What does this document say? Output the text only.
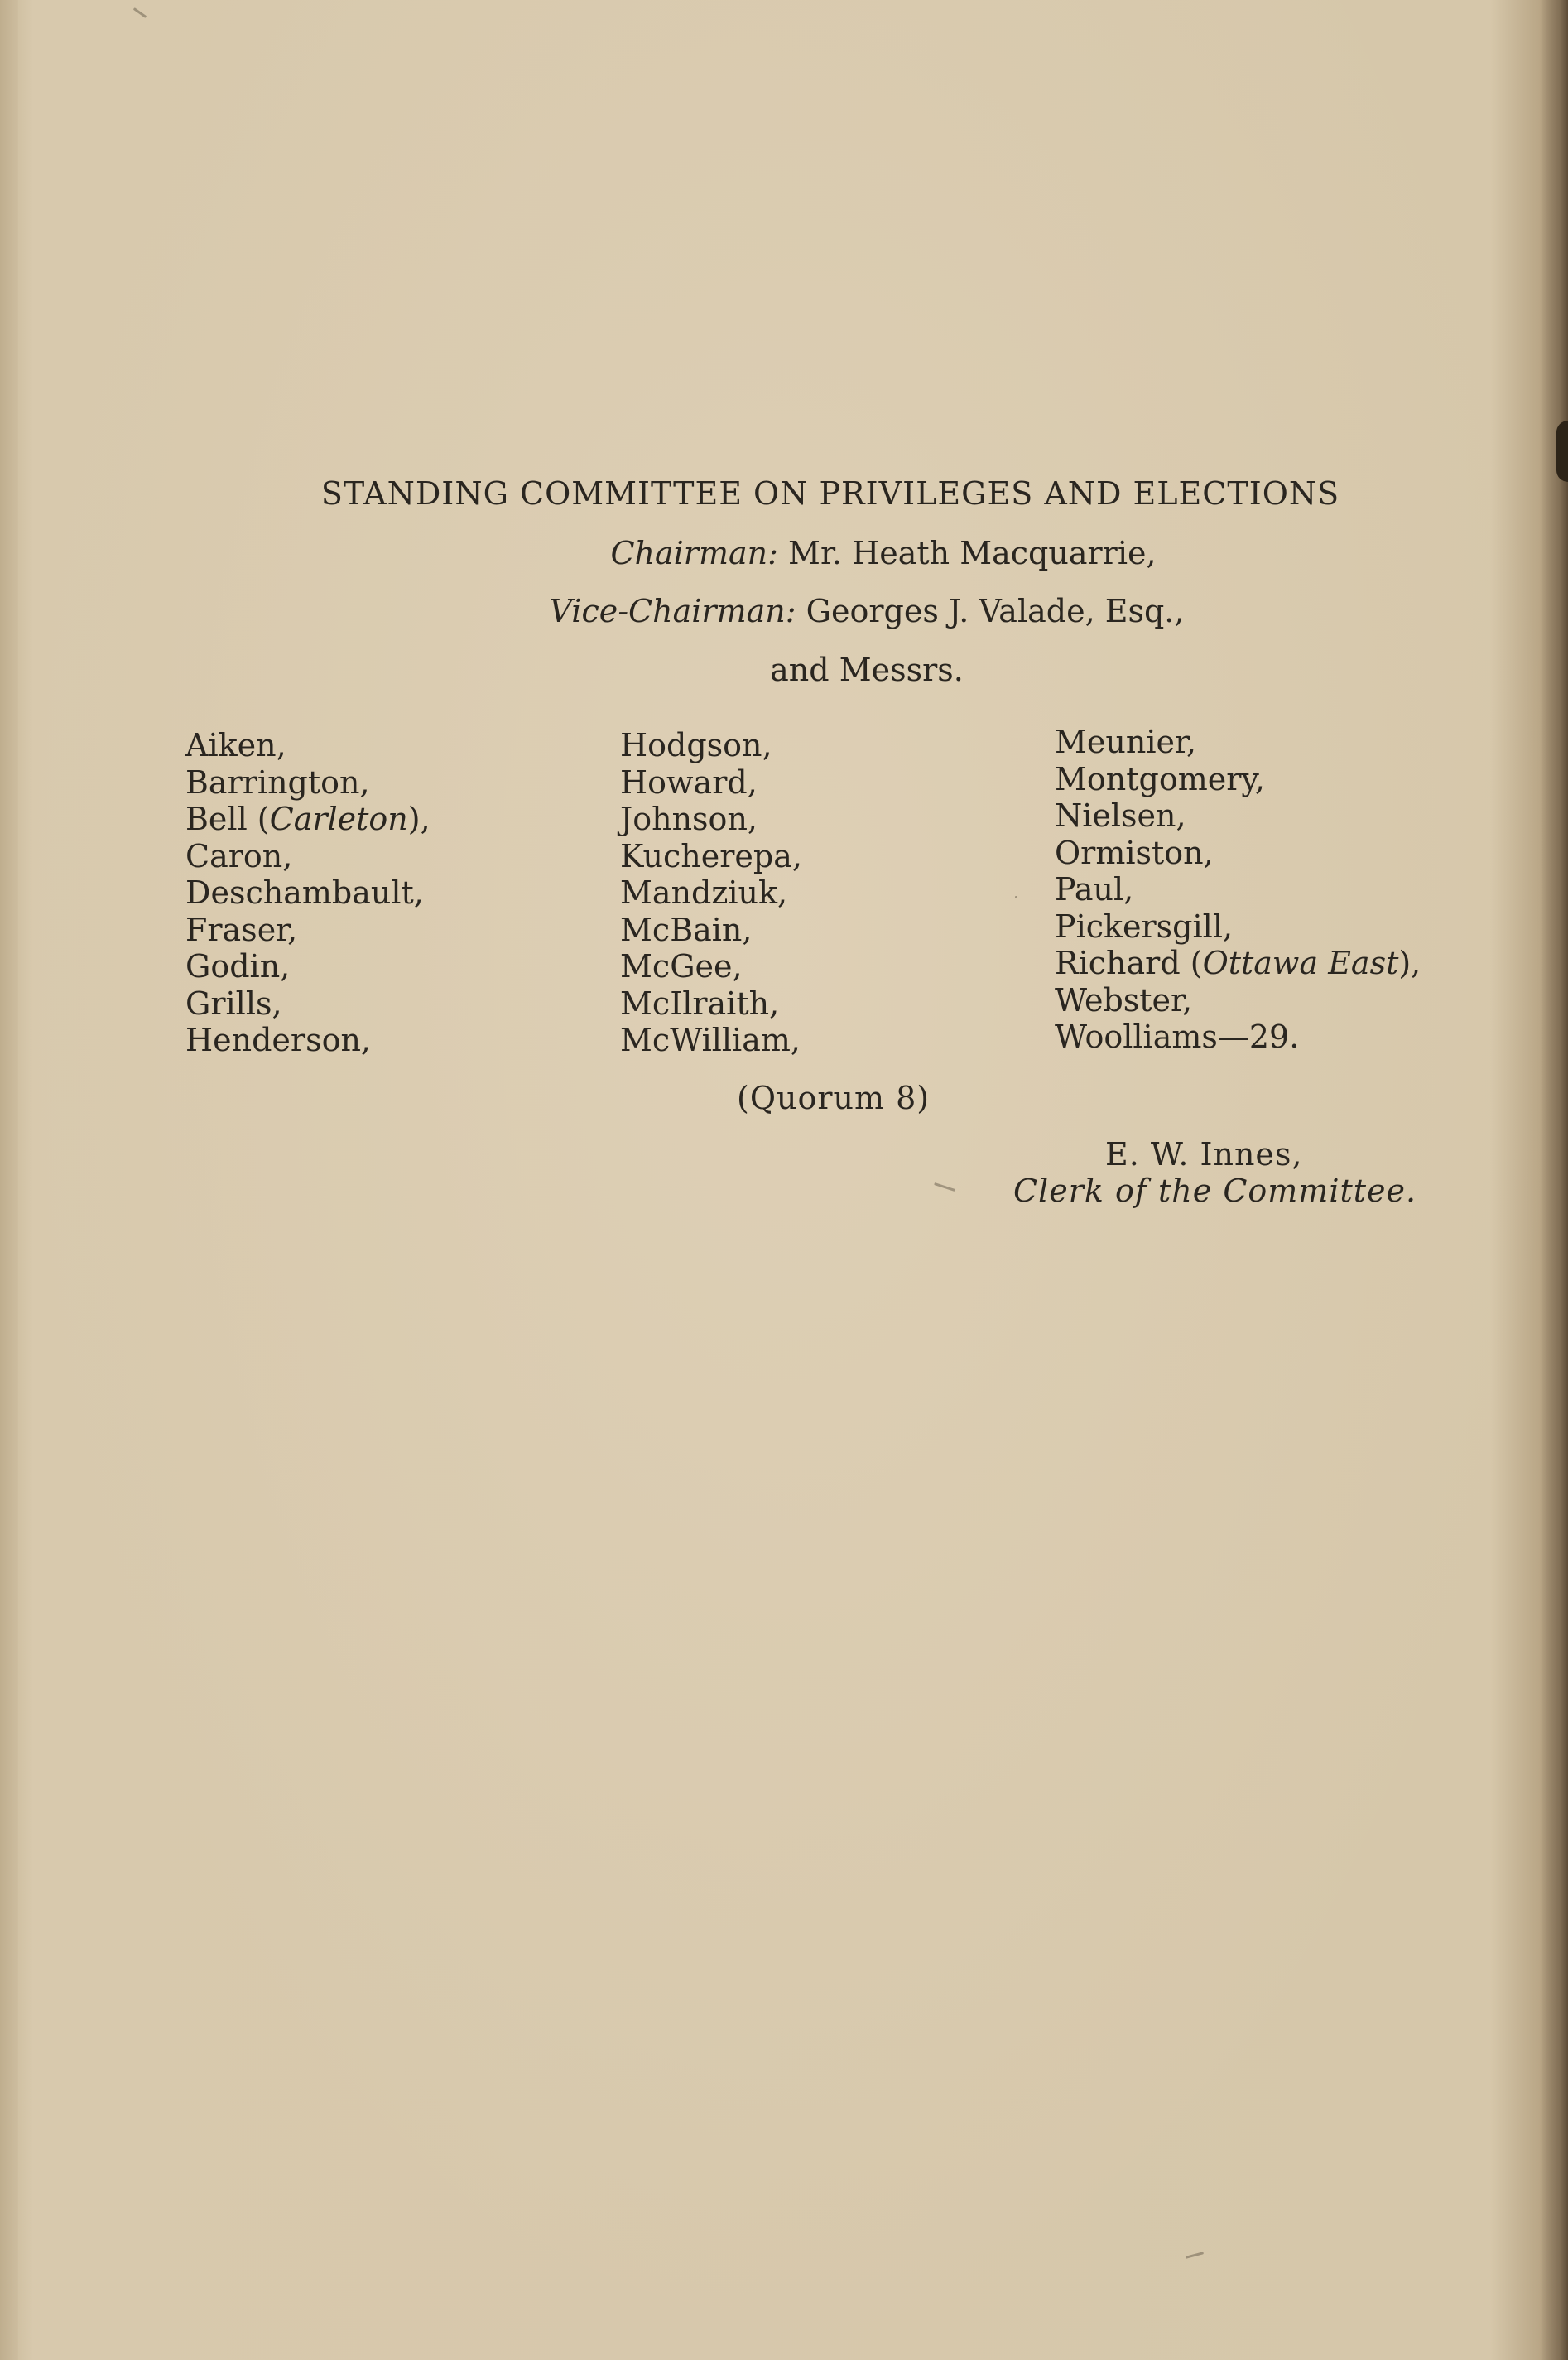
STANDING COMMITTEE ON PRIVILEGES AND ELECTIONS

Chairman: Mr. Heath Macquarrie,

Vice-Chairman: Georges J. Valade, Esq.,

and Messrs.

Aiken,
Barrington,
Bell (Carleton),
Caron,
Deschambault,
Fraser,
Godin,
Grills,
Henderson,
Hodgson,
Howard,
Johnson,
Kucherepa,
Mandziuk,
McBain,
McGee,
McIlraith,
McWilliam,
Meunier,
Montgomery,
Nielsen,
Ormiston,
Paul,
Pickersgill,
Richard (Ottawa East),
Webster,
Woolliams—29.
(Quorum 8)
E. W. Innes,
Clerk of the Committee.
